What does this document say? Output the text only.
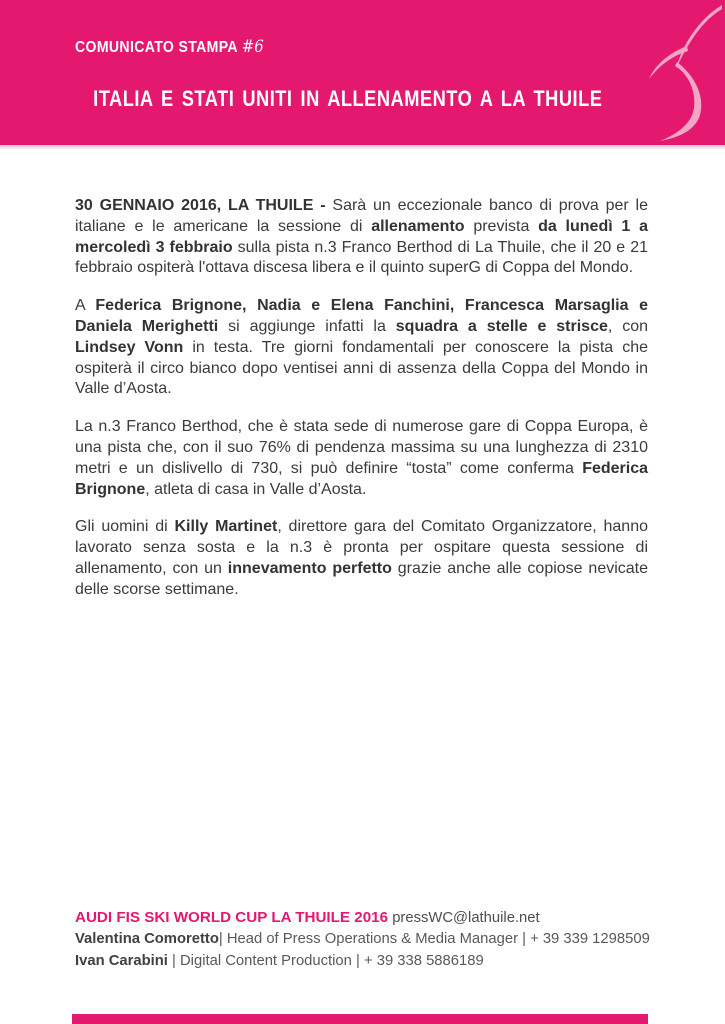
COMUNICATO STAMPA #6
ITALIA E STATI UNITI IN ALLENAMENTO A LA THUILE

30 GENNAIO 2016, LA THUILE - Sarà un eccezionale banco di prova per le italiane e le americane la sessione di allenamento prevista da lunedì 1 a mercoledì 3 febbraio sulla pista n.3 Franco Berthod di La Thuile, che il 20 e 21 febbraio ospiterà l'ottava discesa libera e il quinto superG di Coppa del Mondo.

A Federica Brignone, Nadia e Elena Fanchini, Francesca Marsaglia e Daniela Merighetti si aggiunge infatti la squadra a stelle e strisce, con Lindsey Vonn in testa. Tre giorni fondamentali per conoscere la pista che ospiterà il circo bianco dopo ventisei anni di assenza della Coppa del Mondo in Valle d’Aosta.

La n.3 Franco Berthod, che è stata sede di numerose gare di Coppa Europa, è una pista che, con il suo 76% di pendenza massima su una lunghezza di 2310 metri e un dislivello di 730, si può definire “tosta” come conferma Federica Brignone, atleta di casa in Valle d’Aosta.

Gli uomini di Killy Martinet, direttore gara del Comitato Organizzatore, hanno lavorato senza sosta e la n.3 è pronta per ospitare questa sessione di allenamento, con un innevamento perfetto grazie anche alle copiose nevicate delle scorse settimane.

AUDI FIS SKI WORLD CUP LA THUILE 2016 pressWC@lathuile.net
Valentina Comoretto| Head of Press Operations & Media Manager | + 39 339 1298509
Ivan Carabini | Digital Content Production | + 39 338 5886189
